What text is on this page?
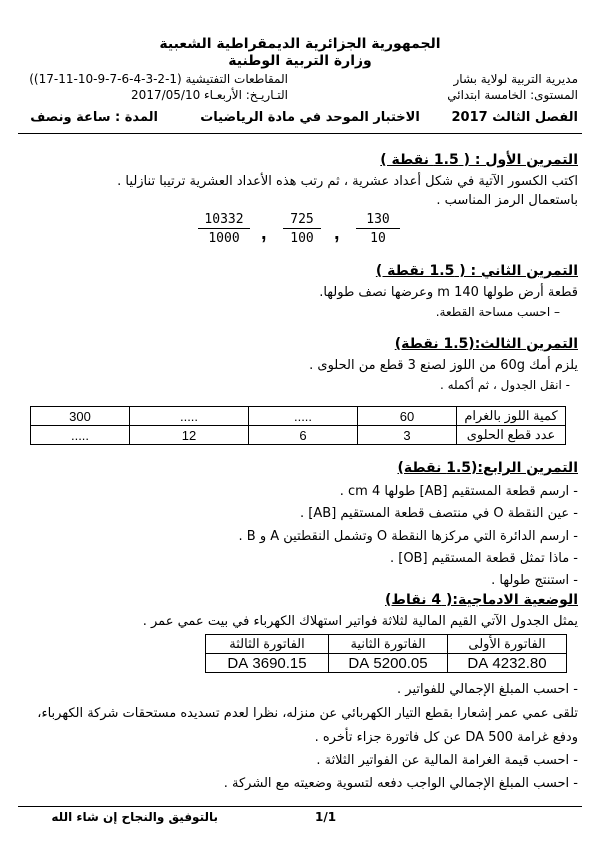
الجمهورية الجزائرية الديمقراطية الشعبية
وزارة التربية الوطنية
مديرية التربية لولاية بشار
المستوى: الخامسة ابتدائي
المقاطعات التفتيشية (1-2-3-4-6-7-9-10-11-17))
التـاريـخ: الأربعـاء 2017/05/10
الفصل الثالث 2017
الاختبار الموحد في مادة الرياضيات
المدة : ساعة ونصف
التمرين الأول : ( 1.5 نقطة )
اكتب الكسور الآتية في شكل أعداد عشرية ، ثم رتب هذه الأعداد العشرية ترتيبا تنازليا .
باستعمال الرمز المناسب .
$\frac{130}{10}$
,
$\frac{725}{100}$
,
$\frac{10332}{1000}$
التمرين الثاني : ( 1.5 نقطة )
قطعة أرض طولها 140 m وعرضها نصف طولها.
– احسب مساحة القطعة.
التمرين الثالث:(1.5 نقطة)
يلزم أمك 60g من اللوز لصنع 3 قطع من الحلوى .
- انقل الجدول ، ثم أكمله .
كمية اللوز بالغرام	60	.....	.....	300
عدد قطع الحلوى	3	6	12	.....
التمرين الرابع:(1.5 نقطة)
- ارسم قطعة المستقيم [AB] طولها 4 cm .
- عين النقطة O في منتصف قطعة المستقيم [AB] .
- ارسم الدائرة التي مركزها النقطة O وتشمل النقطتين A و B .
- ماذا تمثل قطعة المستقيم [OB] .
- استنتج طولها .
الوضعية الادماجية:( 4 نقاط)
يمثل الجدول الآتي القيم المالية لثلاثة فواتير استهلاك الكهرباء في بيت عمي عمر .
الفاتورة الأولى	الفاتورة الثانية	الفاتورة الثالثة
4232.80 DA	5200.05 DA	3690.15 DA
- احسب المبلغ الإجمالي للفواتير .
تلقى عمي عمر إشعارا بقطع التيار الكهربائي عن منزله، نظرا لعدم تسديده مستحقات شركة الكهرباء،
ودفع غرامة 500 DA عن كل فاتورة جزاء تأخره .
- احسب قيمة الغرامة المالية عن الفواتير الثلاثة .
- احسب المبلغ الإجمالي الواجب دفعه لتسوية وضعيته مع الشركة .
بالتوفيق والنجاح إن شاء الله	1/1
